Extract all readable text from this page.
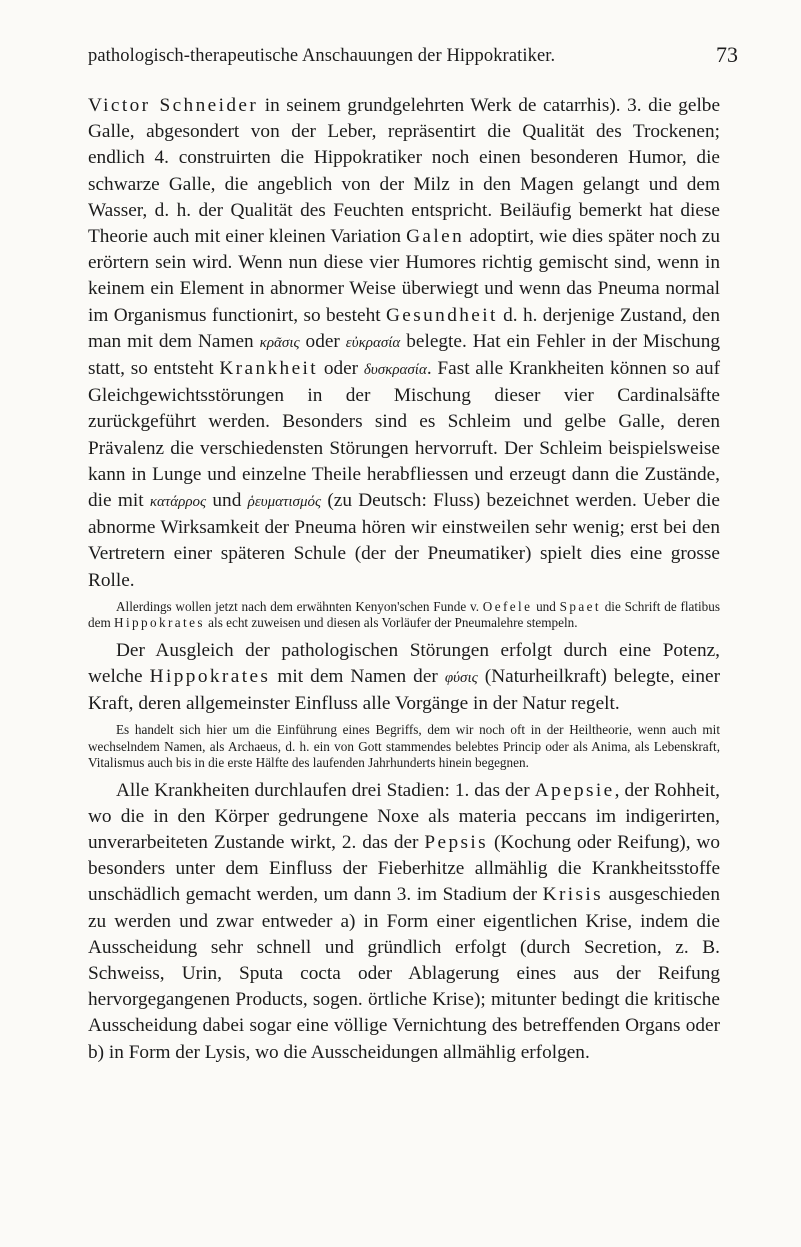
pathologisch-therapeutische Anschauungen der Hippokratiker.	73

Victor Schneider in seinem grundgelehrten Werk de catarrhis). 3. die gelbe Galle, abgesondert von der Leber, repräsentirt die Qualität des Trockenen; endlich 4. construirten die Hippokratiker noch einen besonderen Humor, die schwarze Galle, die angeblich von der Milz in den Magen gelangt und dem Wasser, d. h. der Qualität des Feuchten entspricht. Beiläufig bemerkt hat diese Theorie auch mit einer kleinen Variation Galen adoptirt, wie dies später noch zu erörtern sein wird. Wenn nun diese vier Humores richtig gemischt sind, wenn in keinem ein Element in abnormer Weise überwiegt und wenn das Pneuma normal im Organismus functionirt, so besteht Gesundheit d. h. derjenige Zustand, den man mit dem Namen κρᾶσις oder εὐκρασία belegte. Hat ein Fehler in der Mischung statt, so entsteht Krankheit oder δυσκρασία. Fast alle Krankheiten können so auf Gleichgewichtsstörungen in der Mischung dieser vier Cardinalsäfte zurückgeführt werden. Besonders sind es Schleim und gelbe Galle, deren Prävalenz die verschiedensten Störungen hervorruft. Der Schleim beispielsweise kann in Lunge und einzelne Theile herabfliessen und erzeugt dann die Zustände, die mit κατάρρος und ῥευματισμός (zu Deutsch: Fluss) bezeichnet werden. Ueber die abnorme Wirksamkeit der Pneuma hören wir einstweilen sehr wenig; erst bei den Vertretern einer späteren Schule (der der Pneumatiker) spielt dies eine grosse Rolle.

Allerdings wollen jetzt nach dem erwähnten Kenyon'schen Funde v. Oefele und Spaet die Schrift de flatibus dem Hippokrates als echt zuweisen und diesen als Vorläufer der Pneumalehre stempeln.

Der Ausgleich der pathologischen Störungen erfolgt durch eine Potenz, welche Hippokrates mit dem Namen der φύσις (Naturheilkraft) belegte, einer Kraft, deren allgemeinster Einfluss alle Vorgänge in der Natur regelt.

Es handelt sich hier um die Einführung eines Begriffs, dem wir noch oft in der Heiltheorie, wenn auch mit wechselndem Namen, als Archaeus, d. h. ein von Gott stammendes belebtes Princip oder als Anima, als Lebenskraft, Vitalismus auch bis in die erste Hälfte des laufenden Jahrhunderts hinein begegnen.

Alle Krankheiten durchlaufen drei Stadien: 1. das der Apepsie, der Rohheit, wo die in den Körper gedrungene Noxe als materia peccans im indigerirten, unverarbeiteten Zustande wirkt, 2. das der Pepsis (Kochung oder Reifung), wo besonders unter dem Einfluss der Fieberhitze allmählig die Krankheitsstoffe unschädlich gemacht werden, um dann 3. im Stadium der Krisis ausgeschieden zu werden und zwar entweder a) in Form einer eigentlichen Krise, indem die Ausscheidung sehr schnell und gründlich erfolgt (durch Secretion, z. B. Schweiss, Urin, Sputa cocta oder Ablagerung eines aus der Reifung hervorgegangenen Products, sogen. örtliche Krise); mitunter bedingt die kritische Ausscheidung dabei sogar eine völlige Vernichtung des betreffenden Organs oder b) in Form der Lysis, wo die Ausscheidungen allmählig erfolgen.
